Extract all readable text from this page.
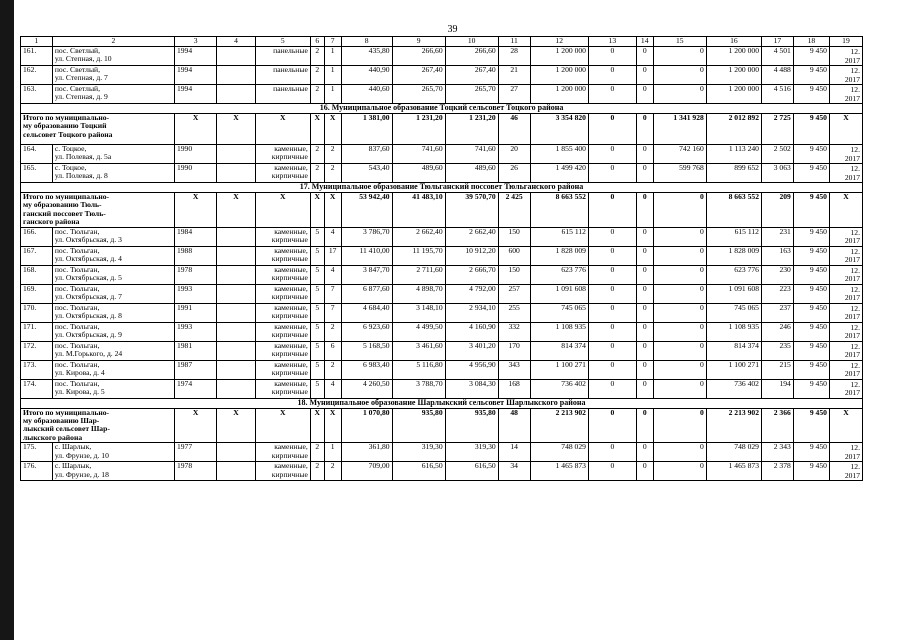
39
1	2	3	4	5	6	7	8	9	10	11	12	13	14	15	16	17	18	19
161.	пос. Светлый,
ул. Степная, д. 10	1994		панельные	2	1	435,80	266,60	266,60	28	1 200 000	0	0	0	1 200 000	4 501	9 450	12.
2017
162.	пос. Светлый,
ул. Степная, д. 7	1994		панельные	2	1	440,90	267,40	267,40	21	1 200 000	0	0	0	1 200 000	4 488	9 450	12.
2017
163.	пос. Светлый,
ул. Степная, д. 9	1994		панельные	2	1	440,60	265,70	265,70	27	1 200 000	0	0	0	1 200 000	4 516	9 450	12.
2017
16. Муниципальное образование Тоцкий сельсовет Тоцкого района																		
Итого по муниципально-
му образованию Тоцкий
сельсовет Тоцкого района		X	X	X	X	X	1 381,00	1 231,20	1 231,20	46	3 354 820	0	0	1 341 928	2 012 892	2 725	9 450	X
164.	с. Тоцкое,
ул. Полевая, д. 5а	1990		каменные,
кирпичные	2	2	837,60	741,60	741,60	20	1 855 400	0	0	742 160	1 113 240	2 502	9 450	12.
2017
165.	с. Тоцкое,
ул. Полевая, д. 8	1990		каменные,
кирпичные	2	2	543,40	489,60	489,60	26	1 499 420	0	0	599 768	899 652	3 063	9 450	12.
2017
17. Муниципальное образование Тюльганский поссовет Тюльганского района																		
Итого по муниципально-
му образованию Тюль-
ганский поссовет Тюль-
ганского района		X	X	X	X	X	53 942,40	41 483,10	39 570,70	2 425	8 663 552	0	0	0	8 663 552	209	9 450	X
166.	пос. Тюльган,
ул. Октябрьская, д. 3	1984		каменные,
кирпичные	5	4	3 786,70	2 662,40	2 662,40	150	615 112	0	0	0	615 112	231	9 450	12.
2017
167.	пос. Тюльган,
ул. Октябрьская, д. 4	1988		каменные,
кирпичные	5	17	11 410,00	11 195,70	10 912,20	600	1 828 009	0	0	0	1 828 009	163	9 450	12.
2017
168.	пос. Тюльган,
ул. Октябрьская, д. 5	1978		каменные,
кирпичные	5	4	3 847,70	2 711,60	2 666,70	150	623 776	0	0	0	623 776	230	9 450	12.
2017
169.	пос. Тюльган,
ул. Октябрьская, д. 7	1993		каменные,
кирпичные	5	7	6 877,60	4 898,70	4 792,00	257	1 091 608	0	0	0	1 091 608	223	9 450	12.
2017
170.	пос. Тюльган,
ул. Октябрьская, д. 8	1991		каменные,
кирпичные	5	7	4 684,40	3 148,10	2 934,10	255	745 065	0	0	0	745 065	237	9 450	12.
2017
171.	пос. Тюльган,
ул. Октябрьская, д. 9	1993		каменные,
кирпичные	5	2	6 923,60	4 499,50	4 160,90	332	1 108 935	0	0	0	1 108 935	246	9 450	12.
2017
172.	пос. Тюльган,
ул. М.Горького, д. 24	1981		каменные,
кирпичные	5	6	5 168,50	3 461,60	3 401,20	170	814 374	0	0	0	814 374	235	9 450	12.
2017
173.	пос. Тюльган,
ул. Кирова, д. 4	1987		каменные,
кирпичные	5	2	6 983,40	5 116,80	4 956,90	343	1 100 271	0	0	0	1 100 271	215	9 450	12.
2017
174.	пос. Тюльган,
ул. Кирова, д. 5	1974		каменные,
кирпичные	5	4	4 260,50	3 788,70	3 084,30	168	736 402	0	0	0	736 402	194	9 450	12.
2017
18. Муниципальное образование Шарлыкский сельсовет Шарлыкского района																		
Итого по муниципально-
му образованию Шар-
лыкский сельсовет Шар-
лыкского района		X	X	X	X	X	1 070,80	935,80	935,80	48	2 213 902	0	0	0	2 213 902	2 366	9 450	X
175.	с. Шарлык,
ул. Фрунзе, д. 10	1977		каменные,
кирпичные	2	1	361,80	319,30	319,30	14	748 029	0	0	0	748 029	2 343	9 450	12.
2017
176.	с. Шарлык,
ул. Фрунзе, д. 18	1978		каменные,
кирпичные	2	2	709,00	616,50	616,50	34	1 465 873	0	0	0	1 465 873	2 378	9 450	12.
2017
